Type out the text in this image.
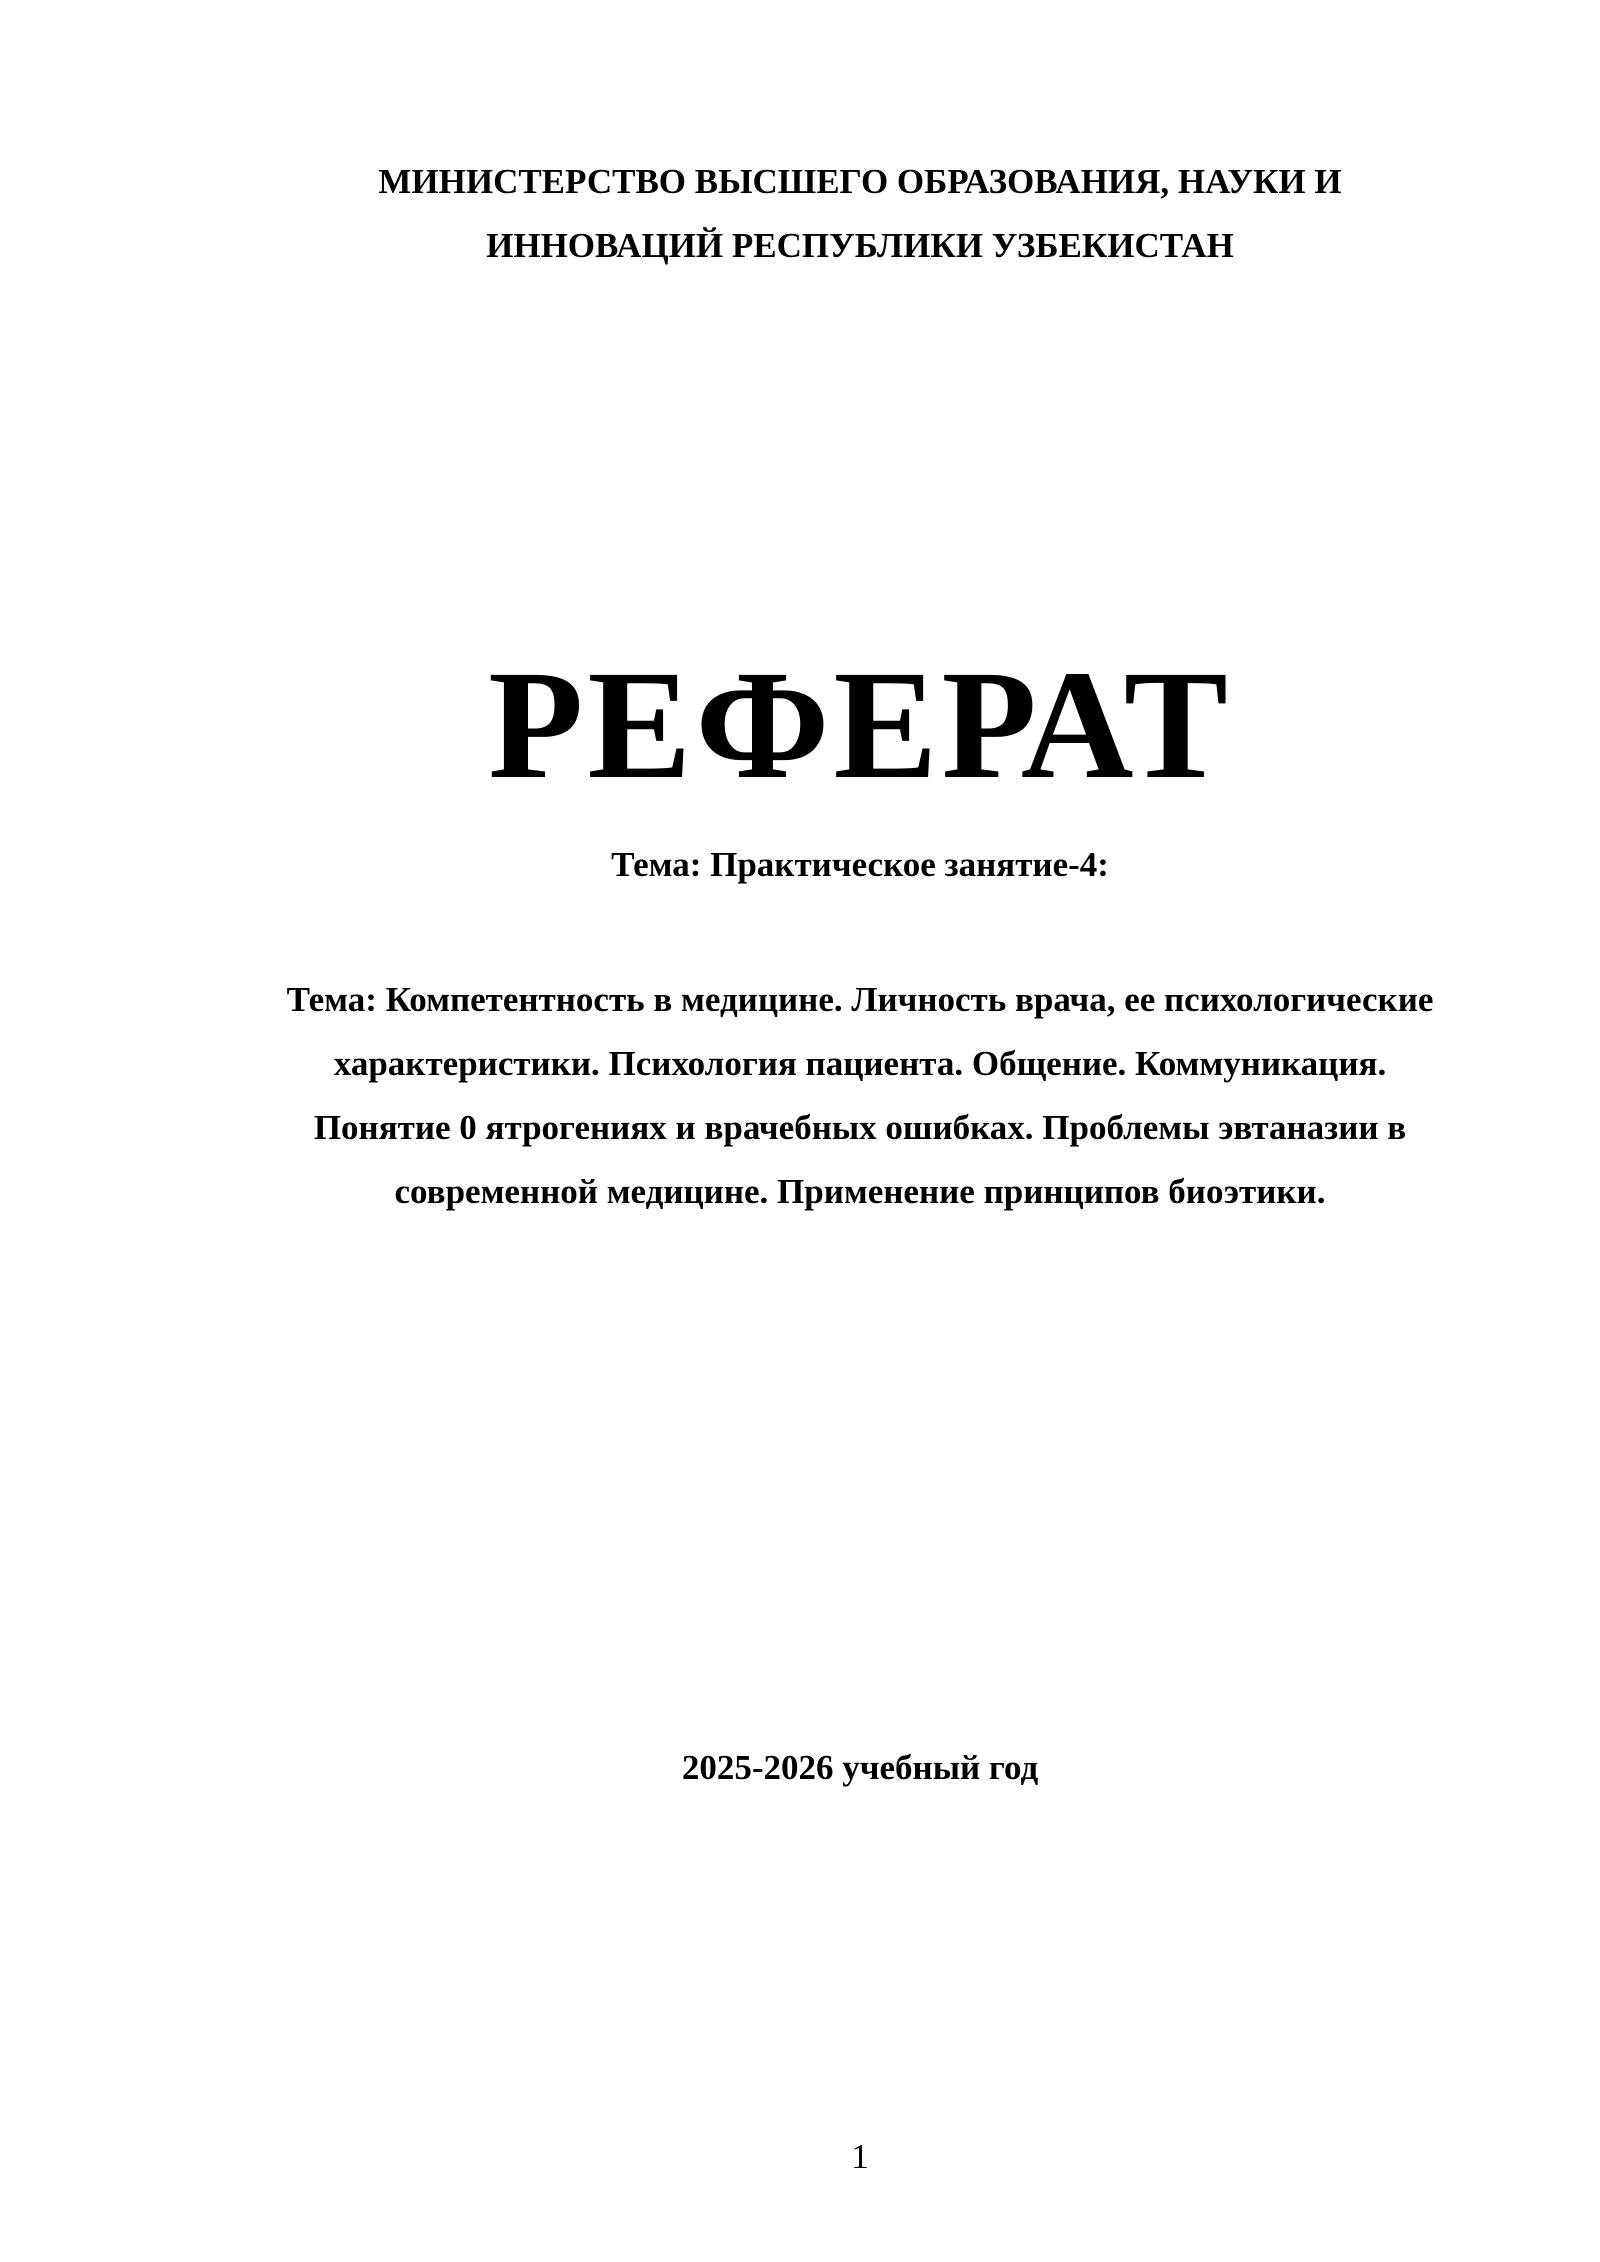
МИНИСТЕРСТВО ВЫСШЕГО ОБРАЗОВАНИЯ, НАУКИ И
ИННОВАЦИЙ РЕСПУБЛИКИ УЗБЕКИСТАН
РЕФЕРАТ
Тема: Практическое занятие-4:
Тема: Компетентность в медицине. Личность врача, ее психологические
характеристики. Психология пациента. Общение. Коммуникация.
Понятие 0 ятрогениях и врачебных ошибках. Проблемы эвтаназии в
современной медицине. Применение принципов биоэтики.
2025-2026 учебный год
1
